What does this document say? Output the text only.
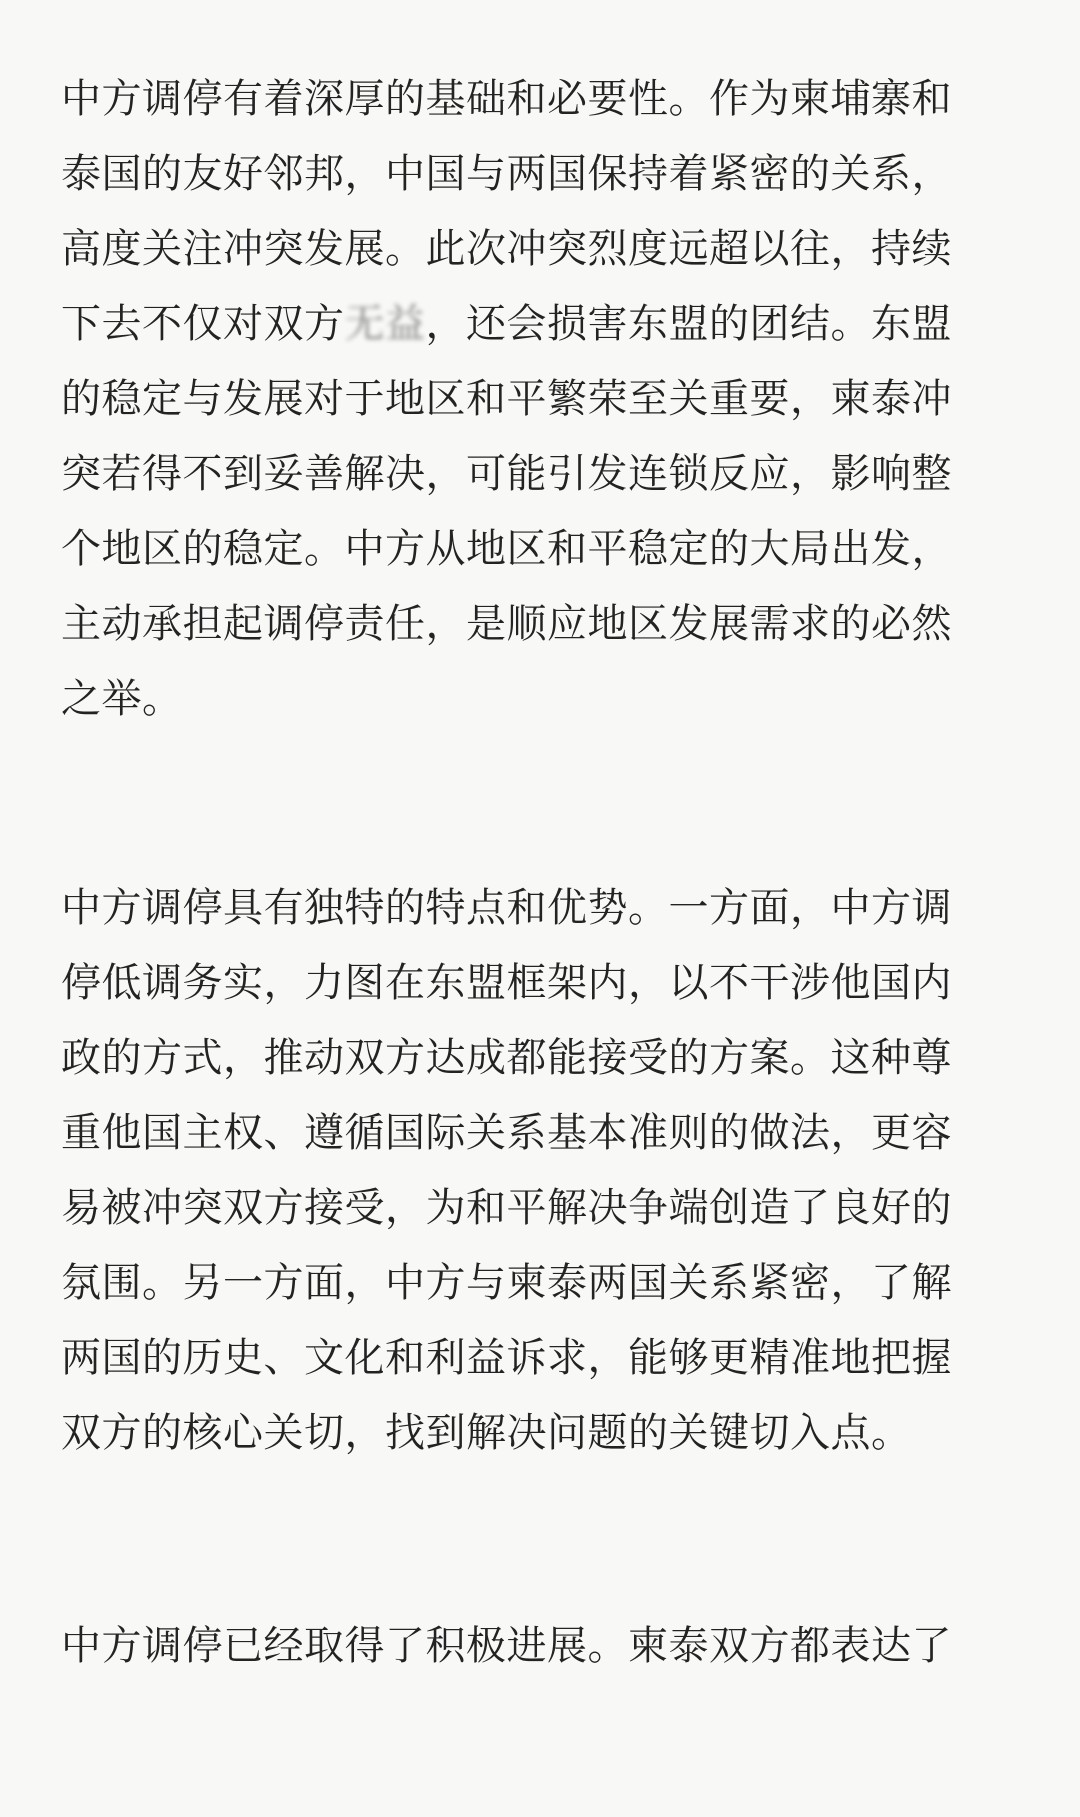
中方调停有着深厚的基础和必要性。作为柬埔寨和
泰国的友好邻邦，中国与两国保持着紧密的关系，
高度关注冲突发展。此次冲突烈度远超以往，持续
下去不仅对双方无益，还会损害东盟的团结。东盟
的稳定与发展对于地区和平繁荣至关重要，柬泰冲
突若得不到妥善解决，可能引发连锁反应，影响整
个地区的稳定。中方从地区和平稳定的大局出发，
主动承担起调停责任，是顺应地区发展需求的必然
之举。

中方调停具有独特的特点和优势。一方面，中方调
停低调务实，力图在东盟框架内，以不干涉他国内
政的方式，推动双方达成都能接受的方案。这种尊
重他国主权、遵循国际关系基本准则的做法，更容
易被冲突双方接受，为和平解决争端创造了良好的
氛围。另一方面，中方与柬泰两国关系紧密，了解
两国的历史、文化和利益诉求，能够更精准地把握
双方的核心关切，找到解决问题的关键切入点。

中方调停已经取得了积极进展。柬泰双方都表达了
